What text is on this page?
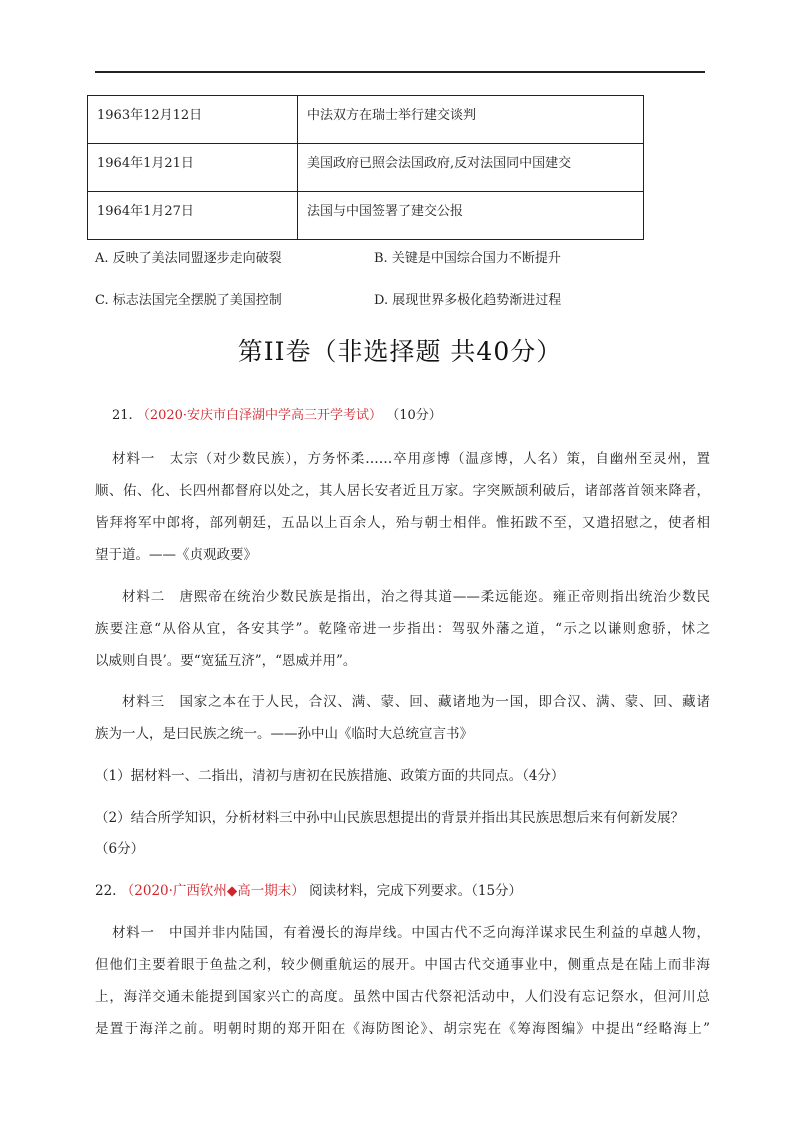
1963年12月12日	中法双方在瑞士举行建交谈判
1964年1月21日	美国政府已照会法国政府,反对法国同中国建交
1964年1月27日	法国与中国签署了建交公报
A. 反映了美法同盟逐步走向破裂	B. 关键是中国综合国力不断提升
C. 标志法国完全摆脱了美国控制	D. 展现世界多极化趋势渐进过程
第II卷（非选择题 共40分）
21. （2020·安庆市白泽湖中学高三开学考试） （10分）
材料一　太宗（对少数民族），方务怀柔……卒用彦博（温彦博，人名）策，自幽州至灵州，置
顺、佑、化、长四州都督府以处之，其人居长安者近且万家。字突厥颉利破后，诸部落首领来降者，
皆拜将军中郎将，部列朝廷，五品以上百余人，殆与朝士相伴。惟拓跋不至，又遣招慰之，使者相
望于道。——《贞观政要》
材料二　唐熙帝在统治少数民族是指出，治之得其道——柔远能迩。雍正帝则指出统治少数民
族要注意“从俗从宜，各安其学”。乾隆帝进一步指出：驾驭外藩之道，“示之以谦则愈骄，怵之
以威则自畏’。要“宽猛互济”，“恩威并用”。
材料三　国家之本在于人民，合汉、满、蒙、回、藏诸地为一国，即合汉、满、蒙、回、藏诸
族为一人，是曰民族之统一。——孙中山《临时大总统宣言书》
（1）据材料一、二指出，清初与唐初在民族措施、政策方面的共同点。（4分）
（2）结合所学知识，分析材料三中孙中山民族思想提出的背景并指出其民族思想后来有何新发展？
（6分）
22. （2020·广西钦州◆高一期末） 阅读材料，完成下列要求。（15分）
材料一　中国并非内陆国，有着漫长的海岸线。中国古代不乏向海洋谋求民生利益的卓越人物，
但他们主要着眼于鱼盐之利，较少侧重航运的展开。中国古代交通事业中，侧重点是在陆上而非海
上，海洋交通未能提到国家兴亡的高度。虽然中国古代祭祀活动中，人们没有忘记祭水，但河川总
是置于海洋之前。明朝时期的郑开阳在《海防图论》、胡宗宪在《筹海图编》中提出“经略海上”
